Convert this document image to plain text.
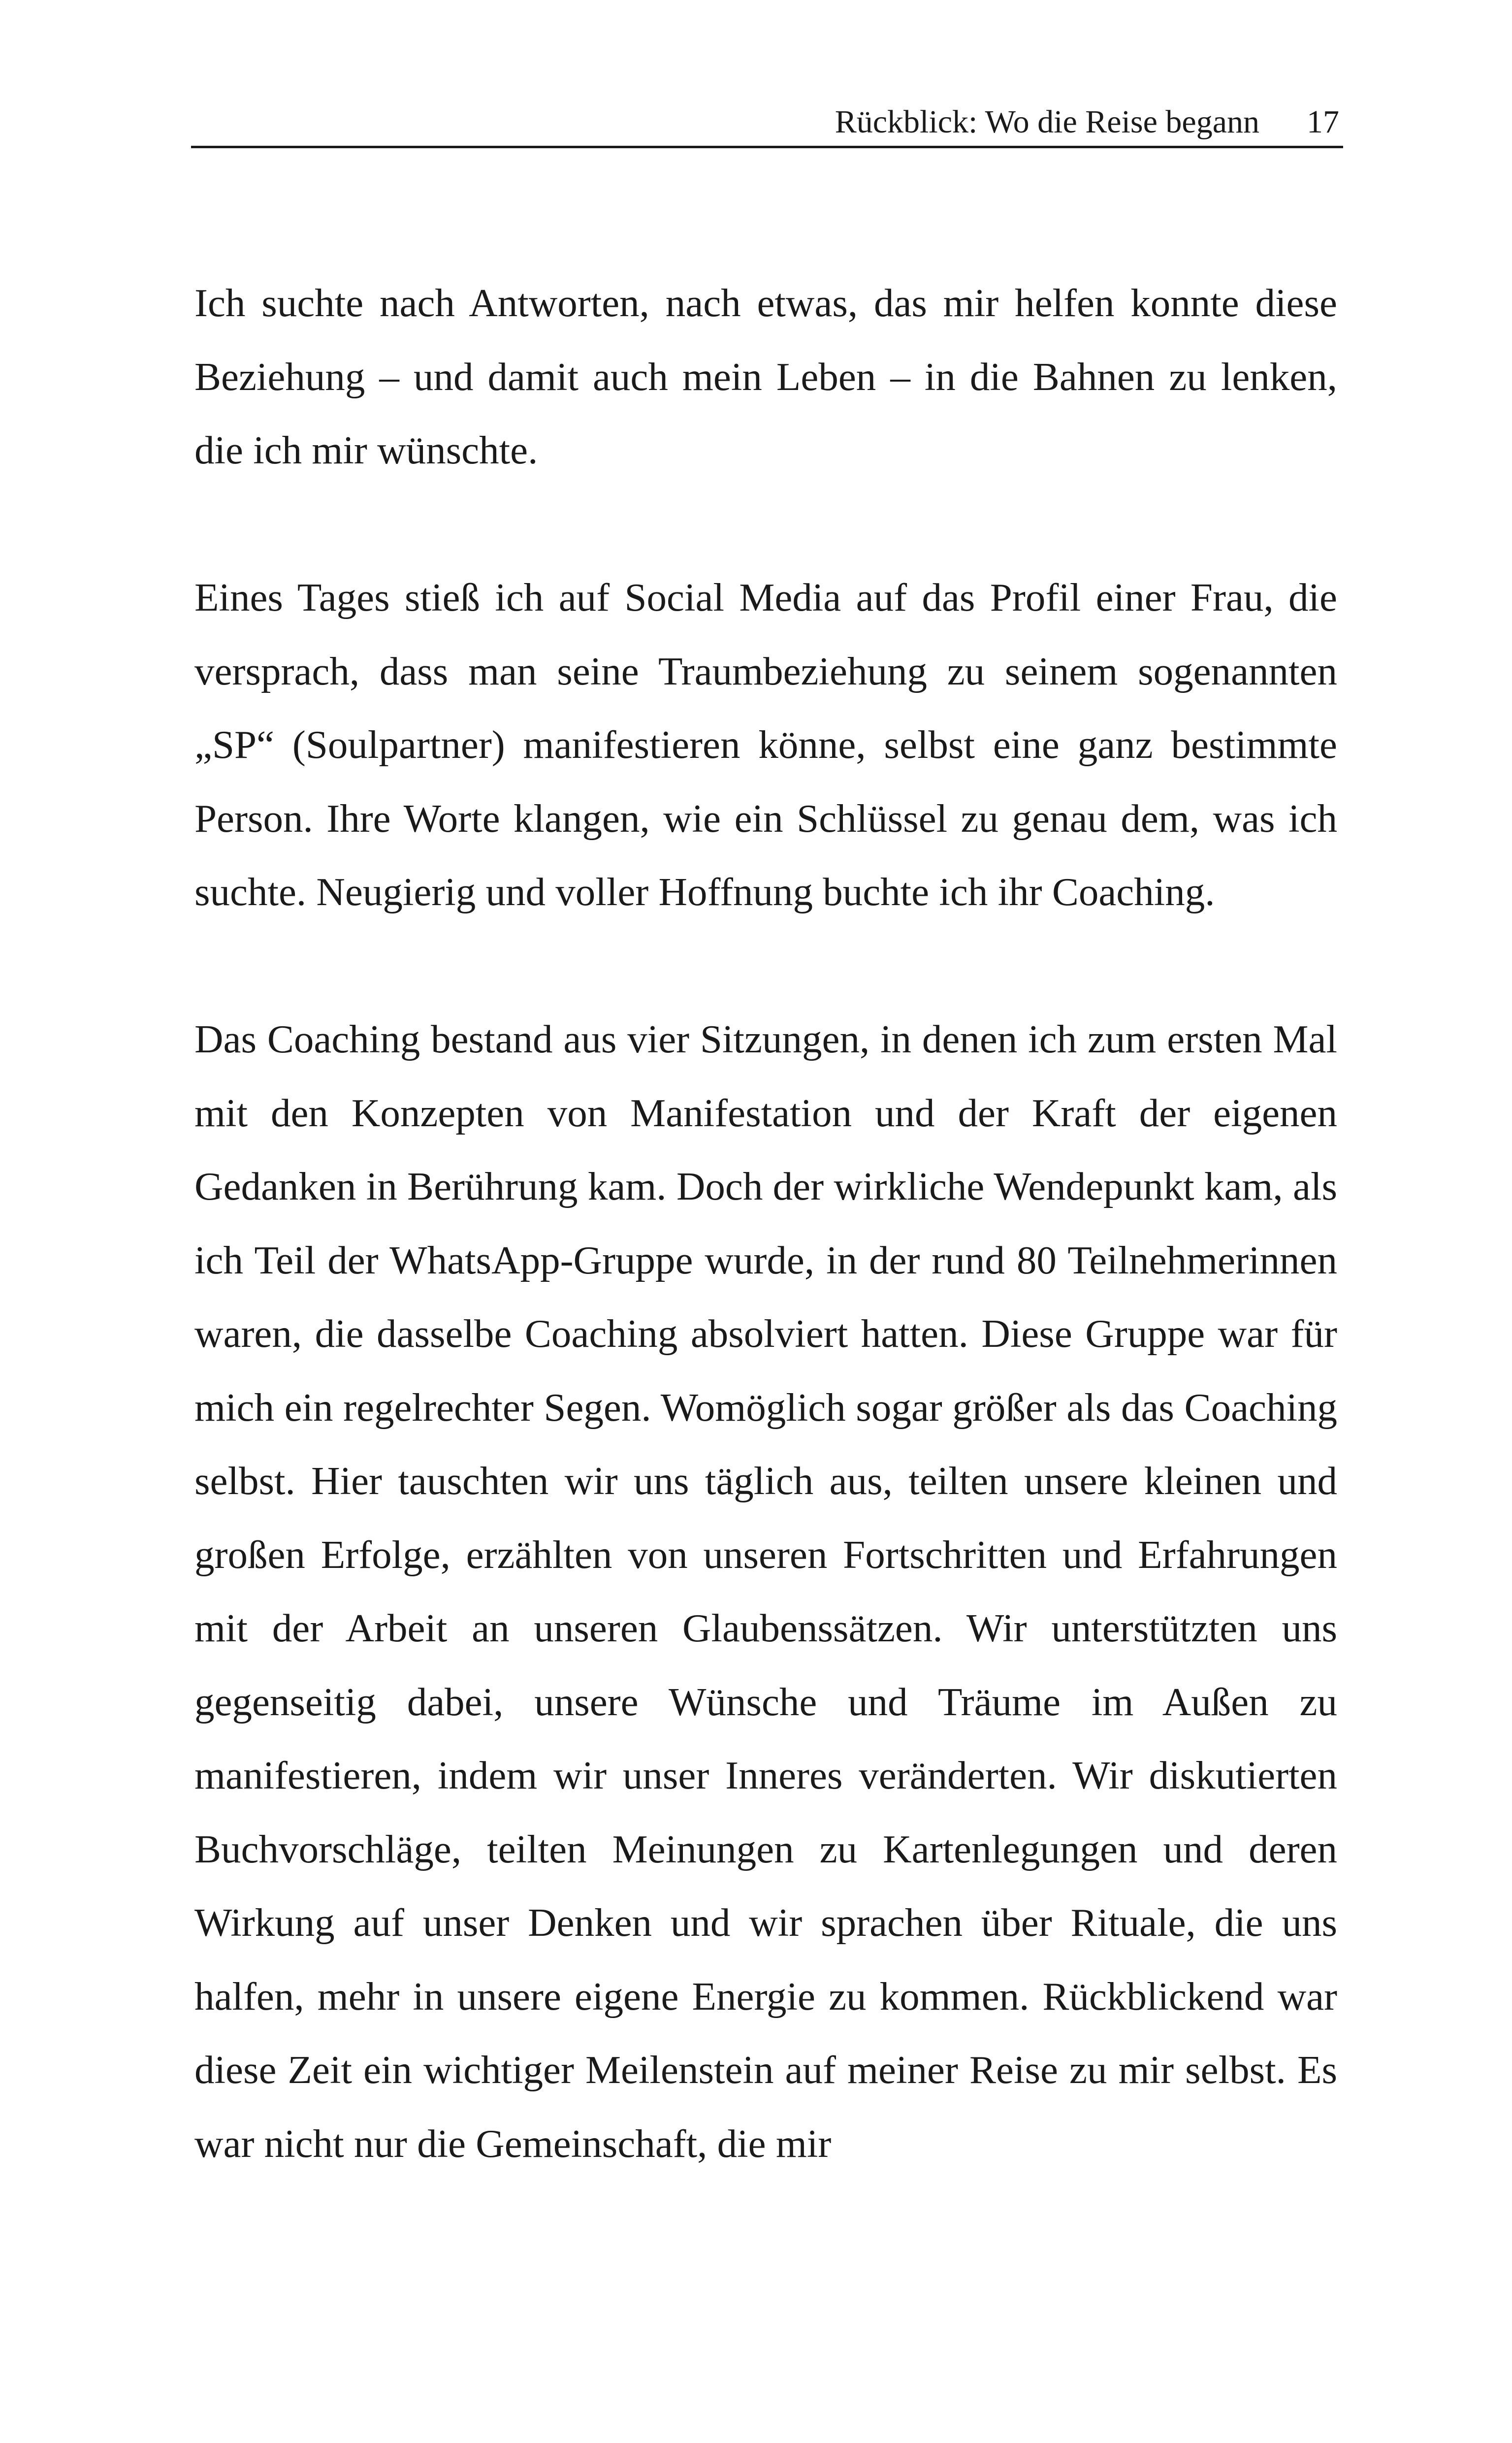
Rückblick: Wo die Reise begann 17

Ich suchte nach Antworten, nach etwas, das mir helfen konnte diese Beziehung – und damit auch mein Leben – in die Bahnen zu lenken, die ich mir wünschte.

Eines Tages stieß ich auf Social Media auf das Profil einer Frau, die versprach, dass man seine Traumbeziehung zu seinem sogenannten „SP“ (Soulpartner) manifestieren könne, selbst eine ganz bestimmte Person. Ihre Worte klangen, wie ein Schlüssel zu genau dem, was ich suchte. Neugierig und voller Hoffnung buchte ich ihr Coaching.

Das Coaching bestand aus vier Sitzungen, in denen ich zum ersten Mal mit den Konzepten von Manifestation und der Kraft der eigenen Gedanken in Berührung kam. Doch der wirkliche Wendepunkt kam, als ich Teil der WhatsApp-Gruppe wurde, in der rund 80 Teilnehmerinnen waren, die dasselbe Coaching absolviert hatten. Diese Gruppe war für mich ein regelrechter Segen. Womöglich sogar größer als das Coaching selbst. Hier tauschten wir uns täglich aus, teilten unsere kleinen und großen Erfolge, erzählten von unseren Fortschritten und Erfahrungen mit der Arbeit an unseren Glaubenssätzen. Wir unterstützten uns gegenseitig dabei, unsere Wünsche und Träume im Außen zu manifestieren, indem wir unser Inneres veränderten. Wir diskutierten Buchvorschläge, teilten Meinungen zu Kartenlegungen und deren Wirkung auf unser Denken und wir sprachen über Rituale, die uns halfen, mehr in unsere eigene Energie zu kommen. Rückblickend war diese Zeit ein wichtiger Meilenstein auf meiner Reise zu mir selbst. Es war nicht nur die Gemeinschaft, die mir
